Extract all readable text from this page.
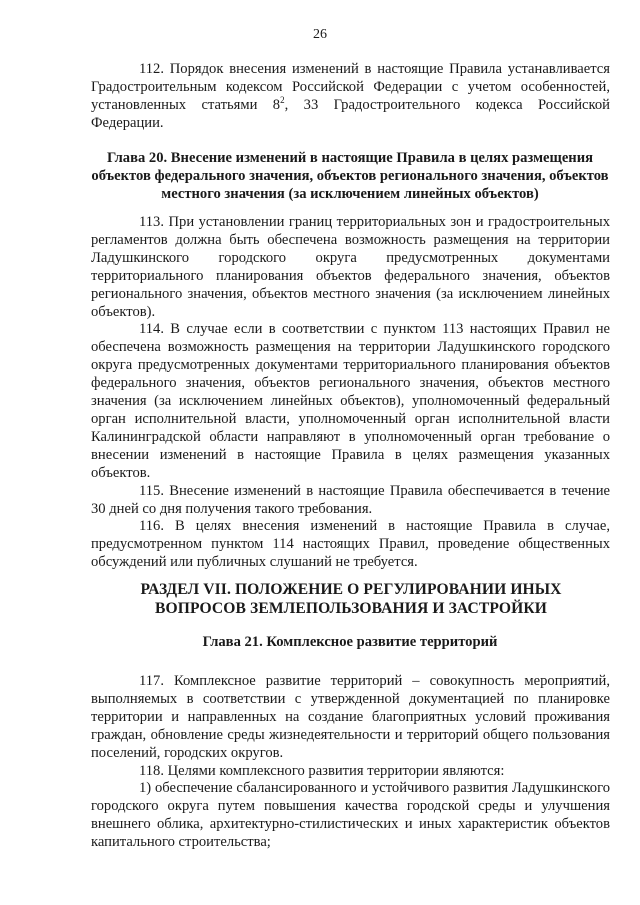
26
112. Порядок внесения изменений в настоящие Правила устанавливается Градостроительным кодексом Российской Федерации с учетом особенностей, установленных статьями $8^2$, 33 Градостроительного кодекса Российской Федерации.
Глава 20. Внесение изменений в настоящие Правила в целях размещения объектов федерального значения, объектов регионального значения, объектов местного значения (за исключением линейных объектов)

113. При установлении границ территориальных зон и градостроительных регламентов должна быть обеспечена возможность размещения на территории Ладушкинского городского округа предусмотренных документами территориального планирования объектов федерального значения, объектов регионального значения, объектов местного значения (за исключением линейных объектов).

114. В случае если в соответствии с пунктом 113 настоящих Правил не обеспечена возможность размещения на территории Ладушкинского городского округа предусмотренных документами территориального планирования объектов федерального значения, объектов регионального значения, объектов местного значения (за исключением линейных объектов), уполномоченный федеральный орган исполнительной власти, уполномоченный орган исполнительной власти Калининградской области направляют в уполномоченный орган требование о внесении изменений в настоящие Правила в целях размещения указанных объектов.

115. Внесение изменений в настоящие Правила обеспечивается в течение 30 дней со дня получения такого требования.

116. В целях внесения изменений в настоящие Правила в случае, предусмотренном пунктом 114 настоящих Правил, проведение общественных обсуждений или публичных слушаний не требуется.

РАЗДЕЛ VII. ПОЛОЖЕНИЕ О РЕГУЛИРОВАНИИ ИНЫХ ВОПРОСОВ ЗЕМЛЕПОЛЬЗОВАНИЯ И ЗАСТРОЙКИ
Глава 21. Комплексное развитие территорий

117. Комплексное развитие территорий – совокупность мероприятий, выполняемых в соответствии с утвержденной документацией по планировке территории и направленных на создание благоприятных условий проживания граждан, обновление среды жизнедеятельности и территорий общего пользования поселений, городских округов.

118. Целями комплексного развития территории являются:

1) обеспечение сбалансированного и устойчивого развития Ладушкинского городского округа путем повышения качества городской среды и улучшения внешнего облика, архитектурно-стилистических и иных характеристик объектов капитального строительства;
